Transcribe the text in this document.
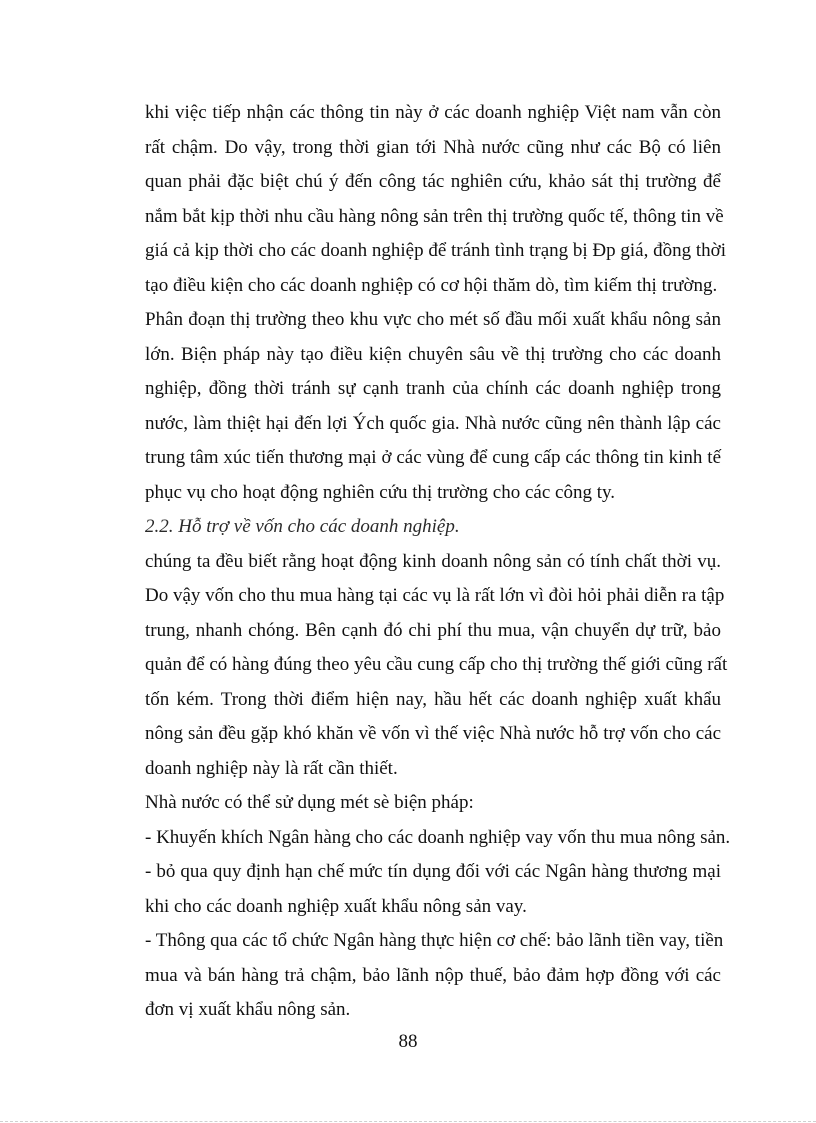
khi việc tiếp nhận các thông tin này ở các doanh nghiệp Việt nam vẫn còn
rất chậm. Do vậy, trong thời gian tới Nhà nước cũng như các Bộ có liên
quan phải đặc biệt chú ý đến công tác nghiên cứu, khảo sát thị trường để
nắm bắt kịp thời nhu cầu hàng nông sản trên thị trường quốc tế, thông tin về
giá cả kịp thời cho các doanh nghiệp để tránh tình trạng bị Ðp giá, đồng thời
tạo điều kiện cho các doanh nghiệp có cơ hội thăm dò, tìm kiếm thị trường.
Phân đoạn thị trường theo khu vực cho mét số đầu mối xuất khẩu nông sản
lớn. Biện pháp này tạo điều kiện chuyên sâu về thị trường cho các doanh
nghiệp, đồng thời tránh sự cạnh tranh của chính các doanh nghiệp trong
nước, làm thiệt hại đến lợi Ých quốc gia. Nhà nước cũng nên thành lập các
trung tâm xúc tiến thương mại ở các vùng để cung cấp các thông tin kinh tế
phục vụ cho hoạt động nghiên cứu thị trường cho các công ty.
2.2. Hỗ trợ về vốn cho các doanh nghiệp.
chúng ta đều biết rằng hoạt động kinh doanh nông sản có tính chất thời vụ.
Do vậy vốn cho thu mua hàng tại các vụ là rất lớn vì đòi hỏi phải diễn ra tập
trung, nhanh chóng. Bên cạnh đó chi phí thu mua, vận chuyển dự trữ, bảo
quản để có hàng đúng theo yêu cầu cung cấp cho thị trường thế giới cũng rất
tốn kém. Trong thời điểm hiện nay, hầu hết các doanh nghiệp xuất khẩu
nông sản đều gặp khó khăn về vốn vì thế việc Nhà nước hỗ trợ vốn cho các
doanh nghiệp này là rất cần thiết.
Nhà nước có thể sử dụng mét sè biện pháp:
- Khuyến khích Ngân hàng cho các doanh nghiệp vay vốn thu mua nông sản.
- bỏ qua quy định hạn chế mức tín dụng đối với các Ngân hàng thương mại
khi cho các doanh nghiệp xuất khẩu nông sản vay.
- Thông qua các tổ chức Ngân hàng thực hiện cơ chế: bảo lãnh tiền vay, tiền
mua và bán hàng trả chậm, bảo lãnh nộp thuế, bảo đảm hợp đồng với các
đơn vị xuất khẩu nông sản.
88
